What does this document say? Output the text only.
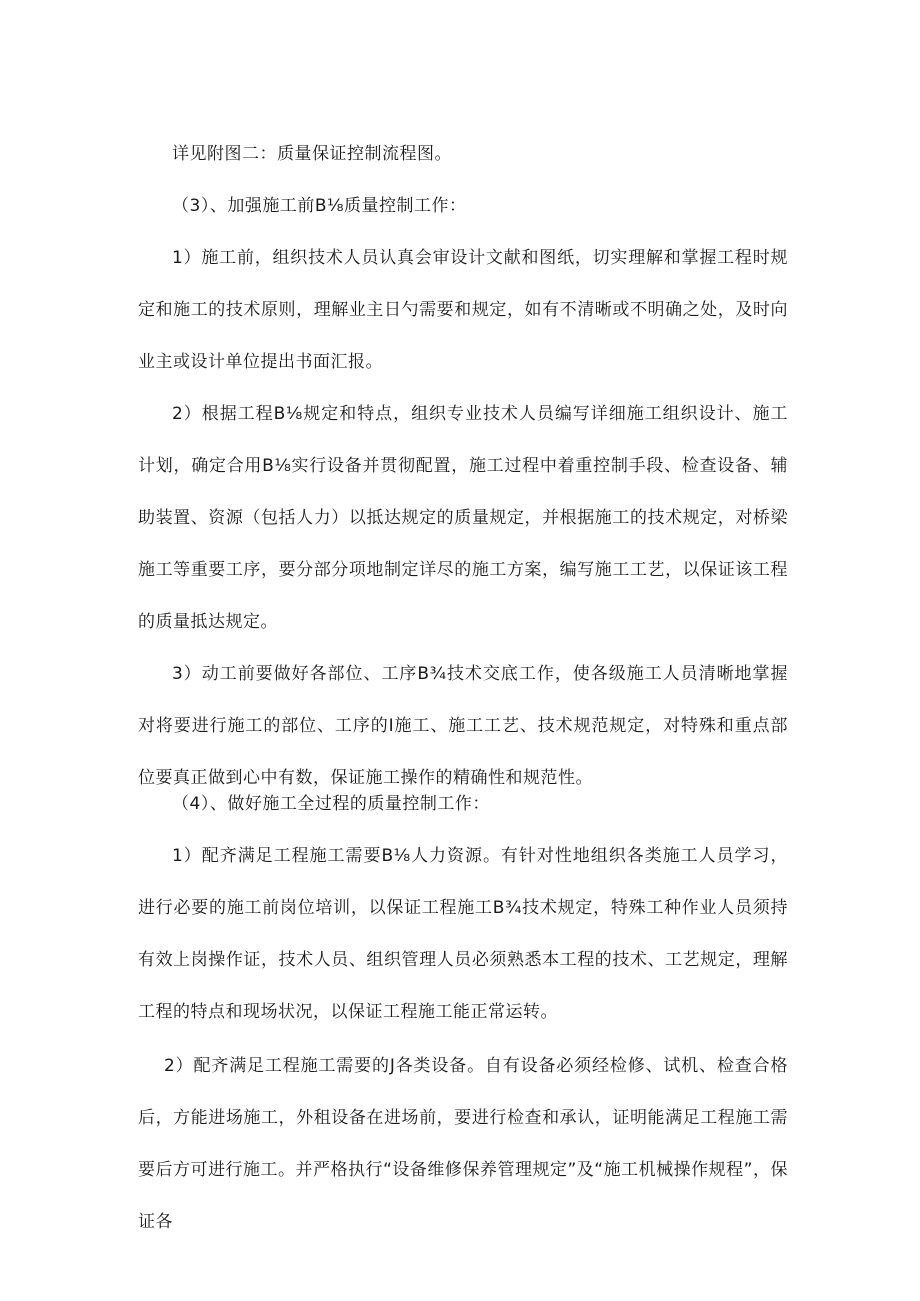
详见附图二：质量保证控制流程图。

（3）、加强施工前B⅛质量控制工作：

1）施工前，组织技术人员认真会审设计文献和图纸，切实理解和掌握工程时规定和施工的技术原则，理解业主日勺需要和规定，如有不清晰或不明确之处，及时向业主或设计单位提出书面汇报。

2）根据工程B⅛规定和特点，组织专业技术人员编写详细施工组织设计、施工计划，确定合用B⅛实行设备并贯彻配置，施工过程中着重控制手段、检查设备、辅助装置、资源（包括人力）以抵达规定的质量规定，并根据施工的技术规定，对桥梁施工等重要工序，要分部分项地制定详尽的施工方案，编写施工工艺，以保证该工程的质量抵达规定。

3）动工前要做好各部位、工序B¾技术交底工作，使各级施工人员清晰地掌握对将要进行施工的部位、工序的I施工、施工工艺、技术规范规定，对特殊和重点部位要真正做到心中有数，保证施工操作的精确性和规范性。

（4）、做好施工全过程的质量控制工作：

1）配齐满足工程施工需要B⅛人力资源。有针对性地组织各类施工人员学习，进行必要的施工前岗位培训，以保证工程施工B¾技术规定，特殊工种作业人员须持有效上岗操作证，技术人员、组织管理人员必须熟悉本工程的技术、工艺规定，理解工程的特点和现场状况，以保证工程施工能正常运转。

2）配齐满足工程施工需要的J各类设备。自有设备必须经检修、试机、检查合格后，方能进场施工，外租设备在进场前，要进行检查和承认，证明能满足工程施工需要后方可进行施工。并严格执行“设备维修保养管理规定”及“施工机械操作规程”，保证各
